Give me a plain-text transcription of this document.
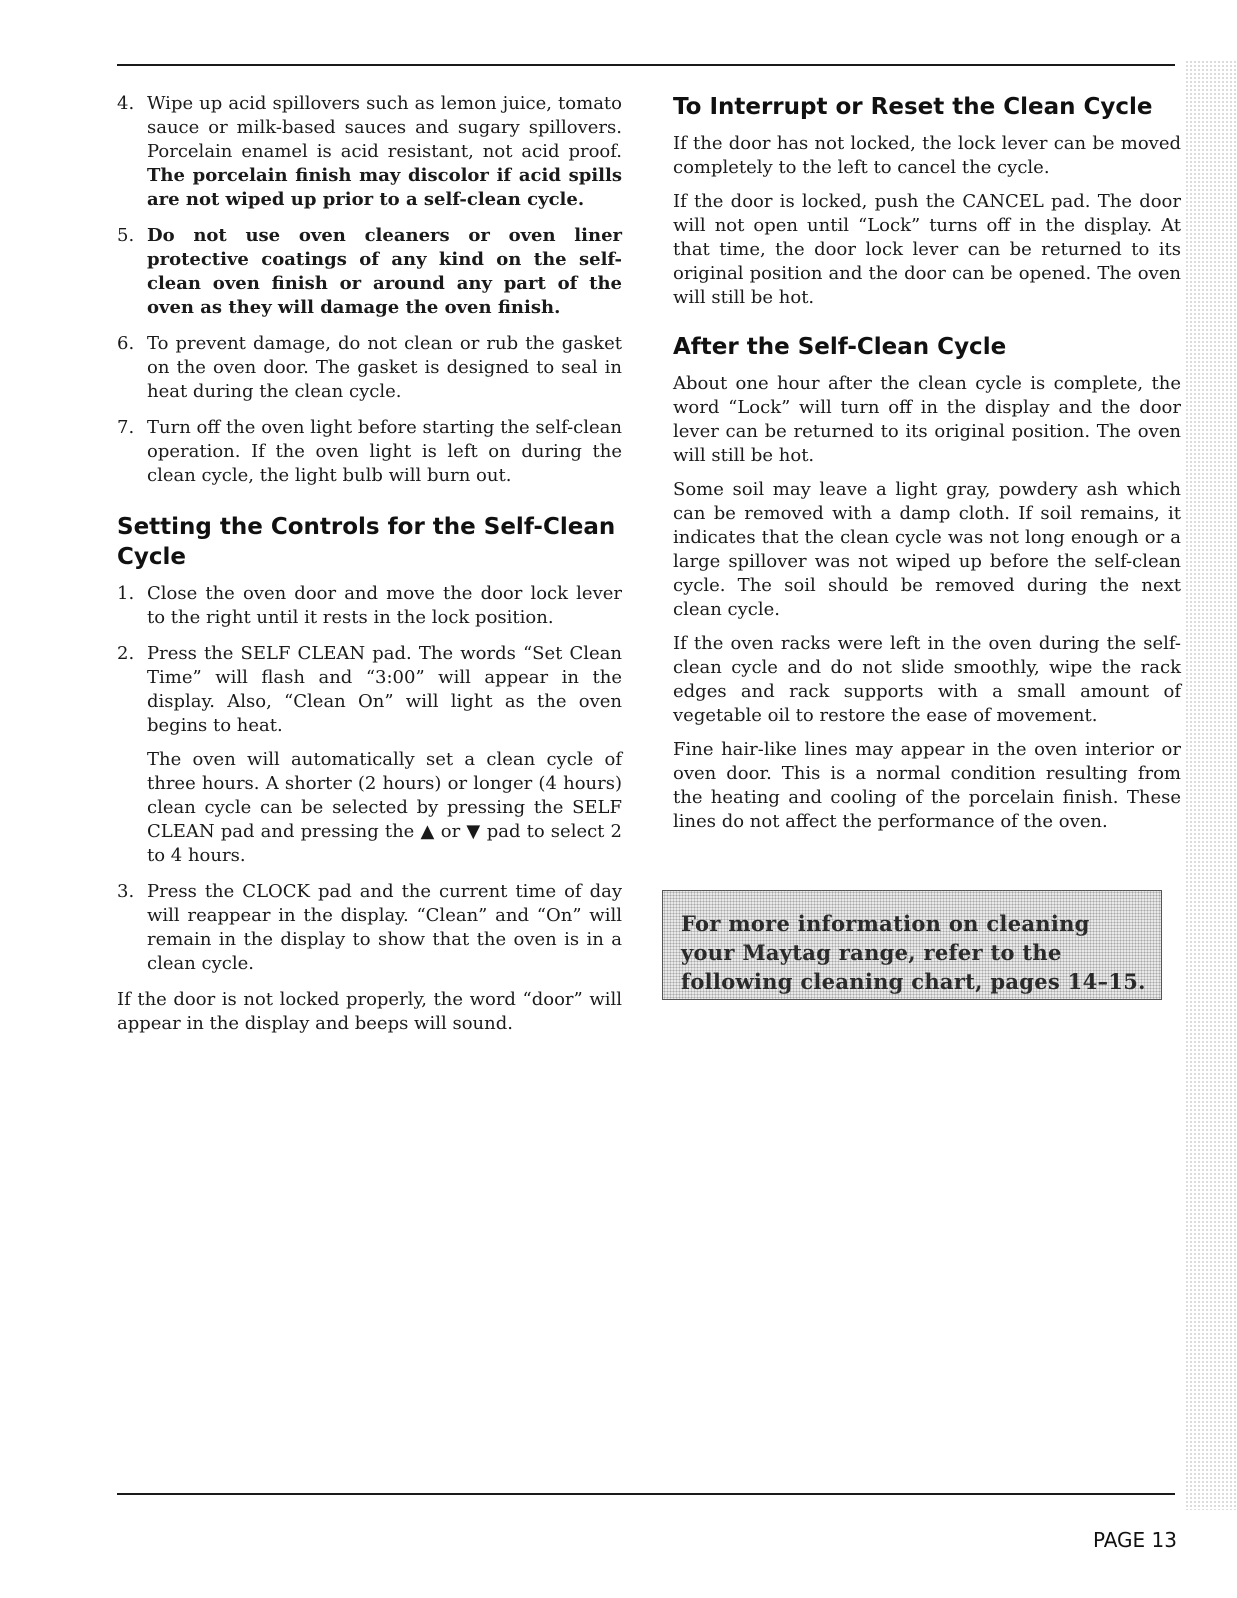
4. Wipe up acid spillovers such as lemon juice, tomato sauce or milk-based sauces and sugary spillovers. Porcelain enamel is acid resistant, not acid proof. The porcelain finish may discolor if acid spills are not wiped up prior to a self-clean cycle.

5. Do not use oven cleaners or oven liner protective coatings of any kind on the self-clean oven finish or around any part of the oven as they will damage the oven finish.

6. To prevent damage, do not clean or rub the gasket on the oven door. The gasket is designed to seal in heat during the clean cycle.

7. Turn off the oven light before starting the self-clean operation. If the oven light is left on during the clean cycle, the light bulb will burn out.

Setting the Controls for the Self-Clean Cycle
1. Close the oven door and move the door lock lever to the right until it rests in the lock position.

2. Press the SELF CLEAN pad. The words “Set Clean Time” will flash and “3:00” will appear in the display. Also, “Clean On” will light as the oven begins to heat.

The oven will automatically set a clean cycle of three hours. A shorter (2 hours) or longer (4 hours) clean cycle can be selected by pressing the SELF CLEAN pad and pressing the ▲ or ▼ pad to select 2 to 4 hours.

3. Press the CLOCK pad and the current time of day will reappear in the display. “Clean” and “On” will remain in the display to show that the oven is in a clean cycle.

If the door is not locked properly, the word “door” will appear in the display and beeps will sound.

To Interrupt or Reset the Clean Cycle

If the door has not locked, the lock lever can be moved completely to the left to cancel the cycle.

If the door is locked, push the CANCEL pad. The door will not open until “Lock” turns off in the display. At that time, the door lock lever can be returned to its original position and the door can be opened. The oven will still be hot.

After the Self-Clean Cycle

About one hour after the clean cycle is complete, the word “Lock” will turn off in the display and the door lever can be returned to its original position. The oven will still be hot.

Some soil may leave a light gray, powdery ash which can be removed with a damp cloth. If soil remains, it indicates that the clean cycle was not long enough or a large spillover was not wiped up before the self-clean cycle. The soil should be removed during the next clean cycle.

If the oven racks were left in the oven during the self-clean cycle and do not slide smoothly, wipe the rack edges and rack supports with a small amount of vegetable oil to restore the ease of movement.

Fine hair-like lines may appear in the oven interior or oven door. This is a normal condition resulting from the heating and cooling of the porcelain finish. These lines do not affect the performance of the oven.

For more information on cleaning your Maytag range, refer to the following cleaning chart, pages 14–15.
PAGE 13
